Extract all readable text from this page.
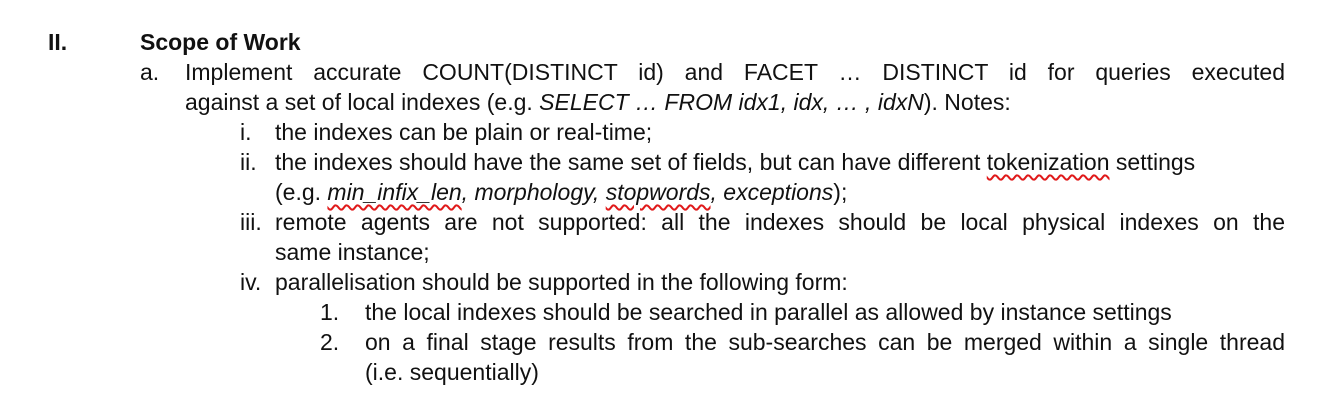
II.	Scope of Work
a. Implement accurate COUNT(DISTINCT id) and FACET … DISTINCT id for queries executed
against a set of local indexes (e.g. SELECT … FROM idx1, idx, … , idxN). Notes:
i. the indexes can be plain or real-time;
ii. the indexes should have the same set of fields, but can have different tokenization settings
(e.g. min_infix_len, morphology, stopwords, exceptions);
iii. remote agents are not supported: all the indexes should be local physical indexes on the
same instance;
iv. parallelisation should be supported in the following form:
1. the local indexes should be searched in parallel as allowed by instance settings
2. on a final stage results from the sub-searches can be merged within a single thread
(i.e. sequentially)
